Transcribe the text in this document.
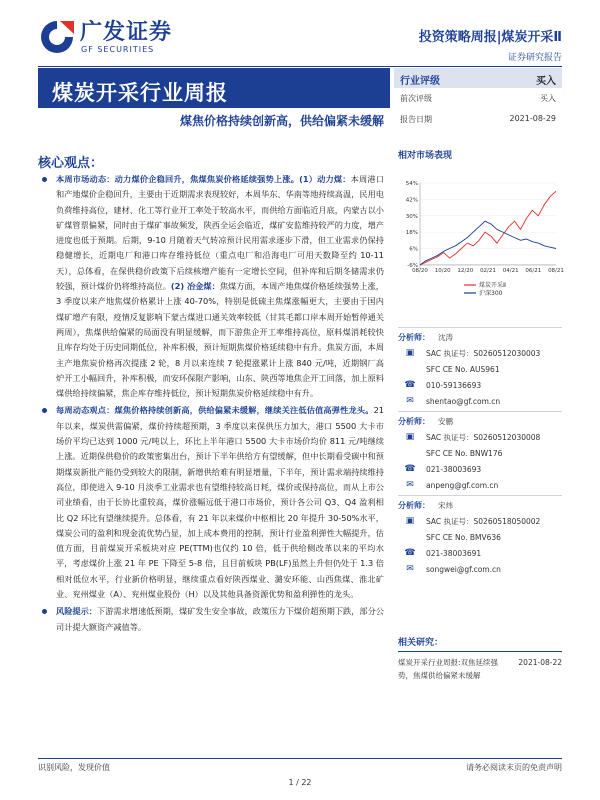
广发证券
GF SECURITIES
投资策略周报|煤炭开采Ⅱ
证券研究报告
煤炭开采行业周报
煤焦价格持续创新高，供给偏紧未缓解
行业评级	买入
前次评级	买入
报告日期	2021-08-29
核心观点：
本周市场动态：动力煤价企稳回升，焦煤焦炭价格延续强势上涨。(1）动力煤：本周港口和产地煤价企稳回升，主要由于近期需求表现较好，本周华东、华南等地持续高温，民用电负荷维持高位，建材、化工等行业开工率处于较高水平，而供给方面临近月底，内蒙古以小矿煤管票偏紧，同时由于煤矿事故频发，陕西全运会临近，煤矿安监维持较严的力度，增产进度也低于预期。后期，9-10 月随着天气转凉预计民用需求逐步下滑，但工业需求仍保持稳健增长，近期电厂和港口库存维持低位（重点电厂和沿海电厂可用天数降至约 10-11 天），总体看，在保供稳价政策下后续核增产能有一定增长空间，但补库和后期冬储需求仍较强，预计煤价仍将维持高位。(2) 冶金煤：焦煤方面，本周产地焦煤价格延续强势上涨，3 季度以来产地焦煤价格累计上涨 40-70%，特别是低硫主焦煤涨幅更大，主要由于国内煤矿增产有限，疫情反复影响下蒙古煤进口通关效率较低（甘其毛都口岸本周开始暂停通关两周），焦煤供给偏紧的局面没有明显缓解，而下游焦企开工率维持高位，原料煤消耗较快且库存均处于历史同期低位，补库积极，预计短期焦煤价格延续稳中有升。焦炭方面，本周主产地焦炭价格再次提涨 2 轮，8 月以来连续 7 轮提涨累计上涨 840 元/吨，近期钢厂高炉开工小幅回升，补库积极，而安环保限产影响，山东、陕西等地焦企开工回落，加上原料煤供给持续偏紧，焦企库存维持低位，预计短期焦炭价格延续稳中有升。
每周动态观点：煤焦价格持续创新高，供给偏紧未缓解，继续关注低估值高弹性龙头。21 年以来，煤炭供需偏紧，煤价持续超预期，3 季度以来保供压力加大，港口 5500 大卡市场价平均已达到 1000 元/吨以上，环比上半年港口 5500 大卡市场价均价 811 元/吨继续上涨。近期保供稳价的政策密集出台，预计下半年供给方有望缓解，但中长期看受碳中和预期煤炭新批产能仍受到较大的限制，新增供给难有明显增量，下半年，预计需求端持续维持高位，即使进入 9-10 月淡季工业需求也有望维持较高日耗，煤价或保持高位，而从上市公司业绩看，由于长协比重较高，煤价涨幅远低于港口市场价，预计各公司 Q3、Q4 盈利相比 Q2 环比有望继续提升。总体看，有 21 年以来煤价中枢相比 20 年提升 30-50%水平，煤炭公司的盈利和现金流优势凸显，加上成本费用的控制，预计行业盈利弹性大幅提升，估值方面，目前煤炭开采板块对应 PE(TTM)也仅约 10 倍，低于供给侧改革以来的平均水平，考虑煤价上涨 21 年 PE 下降至 5-8 倍，且目前板块 PB(LF)虽然上升但仍处于 1.3 倍相对低位水平，行业新价格明显，继续重点看好陕西煤业、潞安环能、山西焦煤、淮北矿业、兖州煤业（A）、兖州煤业股份（H）以及其他具备资源优势和盈利弹性的龙头。
风险提示：下游需求增速低预期，煤矿发生安全事故，政策压力下煤价超预期下跌，部分公司计提大额资产减值等。
相对市场表现
54%
42%
30%
18%
6%
-6%
08/20 10/20 12/20 02/21 04/21 06/21 08/21
煤炭开采Ⅱ
沪深300
分析师：	沈涛
▣	SAC 执证号：S0260512030003
SFC CE No. AUS961
☎	010-59136693
✉	shentao@gf.com.cn
分析师：	安鹏
▣	SAC 执证号：S0260512030008
SFC CE No. BNW176
☎	021-38003693
✉	anpeng@gf.com.cn
分析师：	宋炜
▣	SAC 执证号：S0260518050002
SFC CE No. BMV636
☎	021-38003691
✉	songwei@gf.com.cn
相关研究：
2021-08-22
煤炭开采行业周报:双焦延续强势，焦煤供给偏紧未缓解
识别风险，发现价值	请务必阅读末页的免责声明
1 / 22
